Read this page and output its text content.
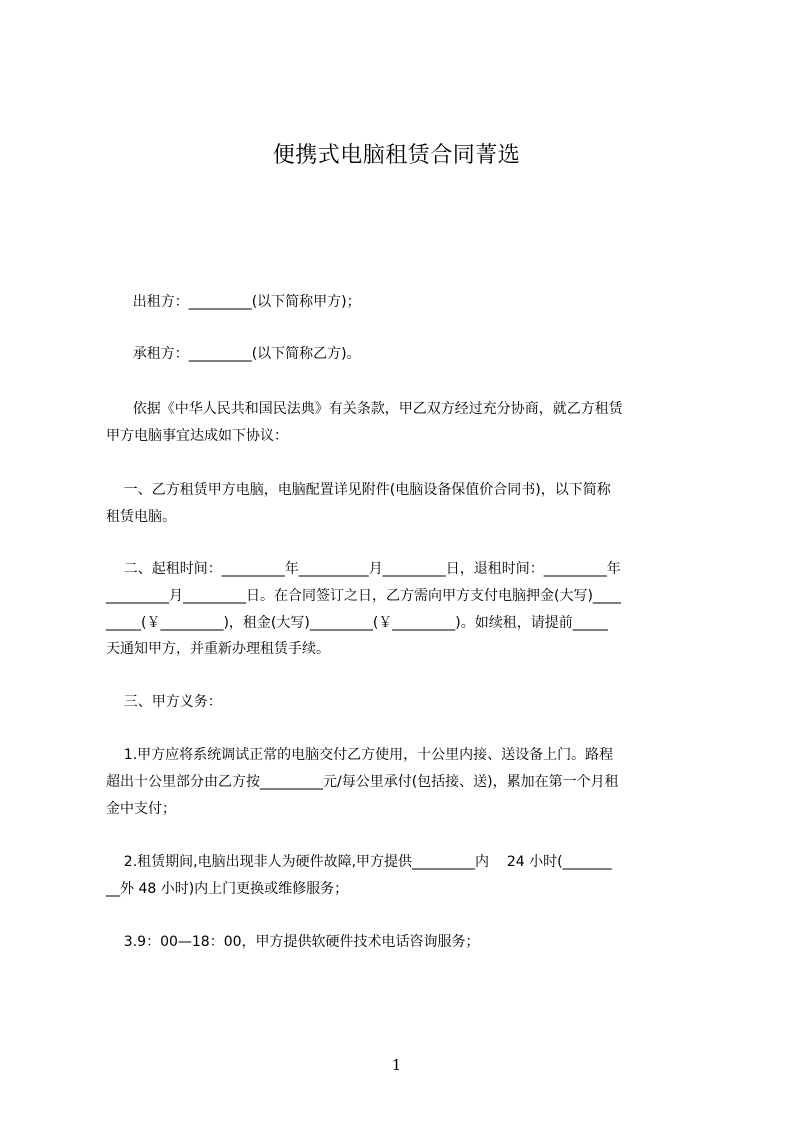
便携式电脑租赁合同菁选

出租方：_________(以下简称甲方)；

承租方：_________(以下简称乙方)。

依据《中华人民共和国民法典》有关条款，甲乙双方经过充分协商，就乙方租赁

甲方电脑事宜达成如下协议：

一、乙方租赁甲方电脑，电脑配置详见附件(电脑设备保值价合同书)，以下简称

租赁电脑。

二、起租时间：_________年__________月_________日，退租时间：_________年

_________月_________日。在合同签订之日，乙方需向甲方支付电脑押金(大写)____

_____(￥_________)，租金(大写)_________(￥_________)。如续租，请提前_____

天通知甲方，并重新办理租赁手续。

三、甲方义务：

1.甲方应将系统调试正常的电脑交付乙方使用，十公里内接、送设备上门。路程

超出十公里部分由乙方按_________元/每公里承付(包括接、送)，累加在第一个月租

金中支付；

2.租赁期间,电脑出现非人为硬件故障,甲方提供_________内    24 小时(_______

__外 48 小时)内上门更换或维修服务；

3.9：00—18：00，甲方提供软硬件技术电话咨询服务；

1
